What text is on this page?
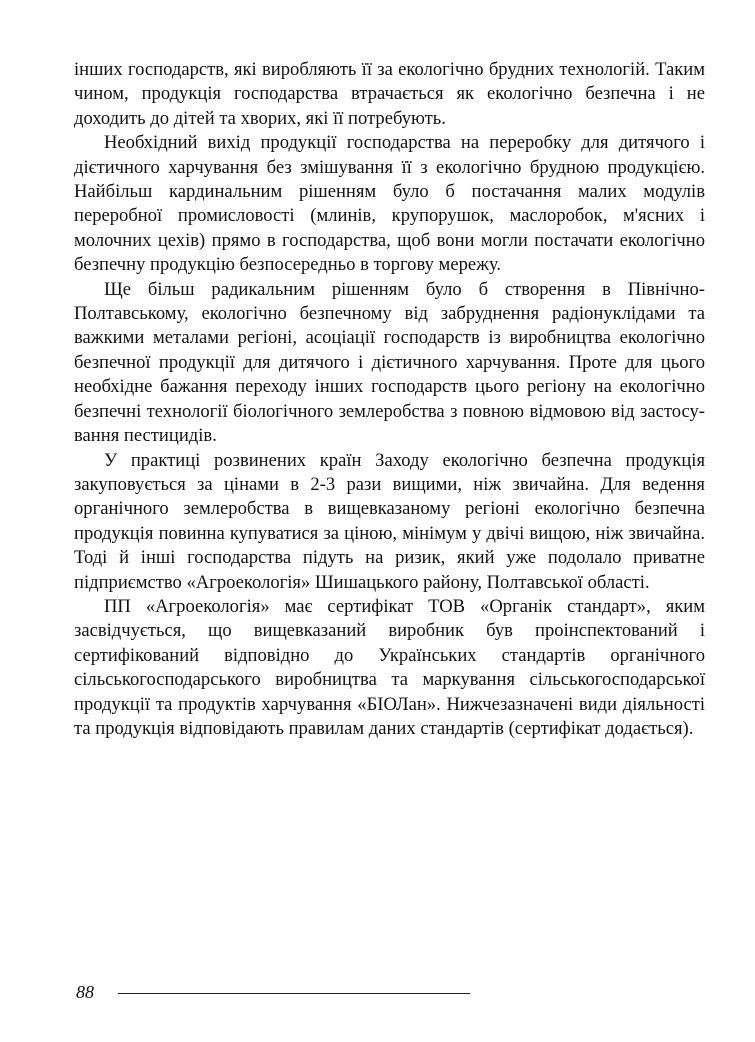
інших господарств, які виробляють її за екологічно брудних технологій. Таким чином, продукція господарства втрачається як екологічно безпечна і не доходить до дітей та хворих, які її потребують.

Необхідний вихід продукції господарства на переробку для дитячого і дієтичного харчування без змішування її з екологічно брудною продукцією. Найбільш кардинальним рішенням було б постачання малих модулів переробної промисловості (млинів, крупорушок, маслоробок, м'ясних і молочних цехів) прямо в господарства, щоб вони могли постачати екологічно безпечну продукцію безпосередньо в торгову мережу.

Ще більш радикальним рішенням було б створення в Північно-Полтавському, екологічно безпечному від забруднення радіонуклідами та важкими металами регіоні, асоціації господарств із виробництва екологічно безпечної продукції для дитячого і дієтичного харчування. Проте для цього необхідне бажання переходу інших господарств цього регіону на екологічно безпечні технології біологічного землеробства з повною відмовою від застосування пестицидів.

У практиці розвинених країн Заходу екологічно безпечна продукція закуповується за цінами в 2-3 рази вищими, ніж звичайна. Для ведення органічного землеробства в вищевказаному регіоні екологічно безпечна продукція повинна купуватися за ціною, мінімум у двічі вищою, ніж звичайна. Тоді й інші господарства підуть на ризик, який уже подолало приватне підприємство «Агроекологія» Шишацького району, Полтавської області.

ПП «Агроекологія» має сертифікат ТОВ «Органік стандарт», яким засвідчується, що вищевказаний виробник був проінспектований і сертифікований відповідно до Українських стандартів органічного сільськогосподарського виробництва та маркування сільськогосподарської продукції та продуктів харчування «БІОЛан». Нижчезазначені види діяльності та продукція відповідають правилам даних стандартів (сертифікат додається).

88
